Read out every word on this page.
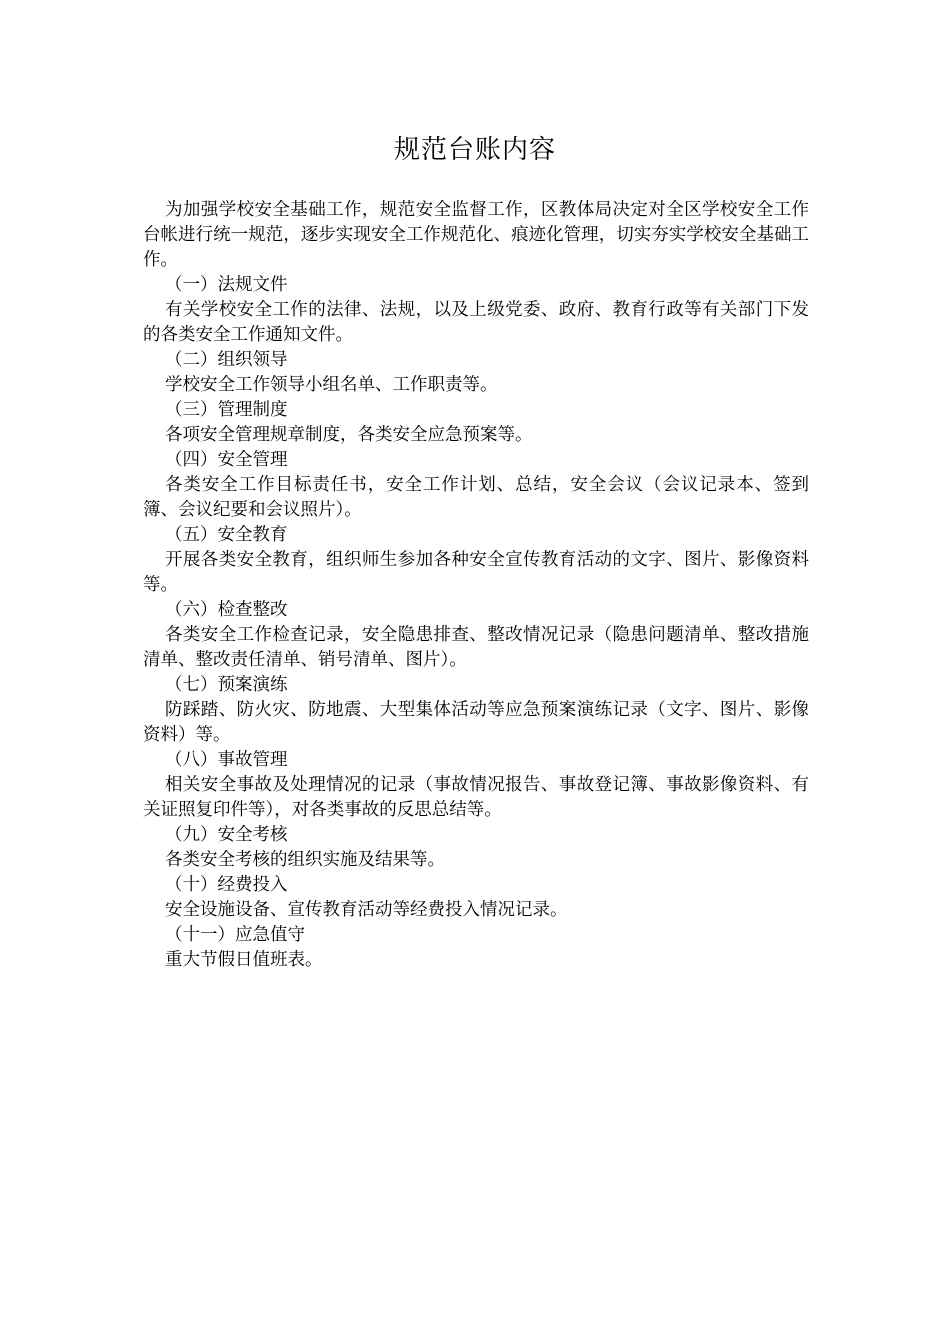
规范台账内容

为加强学校安全基础工作，规范安全监督工作，区教体局决定对全区学校安全工作台帐进行统一规范，逐步实现安全工作规范化、痕迹化管理，切实夯实学校安全基础工作。

（一）法规文件

有关学校安全工作的法律、法规，以及上级党委、政府、教育行政等有关部门下发的各类安全工作通知文件。

（二）组织领导

学校安全工作领导小组名单、工作职责等。

（三）管理制度

各项安全管理规章制度，各类安全应急预案等。

（四）安全管理

各类安全工作目标责任书，安全工作计划、总结，安全会议（会议记录本、签到簿、会议纪要和会议照片）。

（五）安全教育

开展各类安全教育，组织师生参加各种安全宣传教育活动的文字、图片、影像资料等。

（六）检查整改

各类安全工作检查记录，安全隐患排查、整改情况记录（隐患问题清单、整改措施清单、整改责任清单、销号清单、图片）。

（七）预案演练

防踩踏、防火灾、防地震、大型集体活动等应急预案演练记录（文字、图片、影像资料）等。

（八）事故管理

相关安全事故及处理情况的记录（事故情况报告、事故登记簿、事故影像资料、有关证照复印件等），对各类事故的反思总结等。

（九）安全考核

各类安全考核的组织实施及结果等。

（十）经费投入

安全设施设备、宣传教育活动等经费投入情况记录。

（十一）应急值守

重大节假日值班表。
